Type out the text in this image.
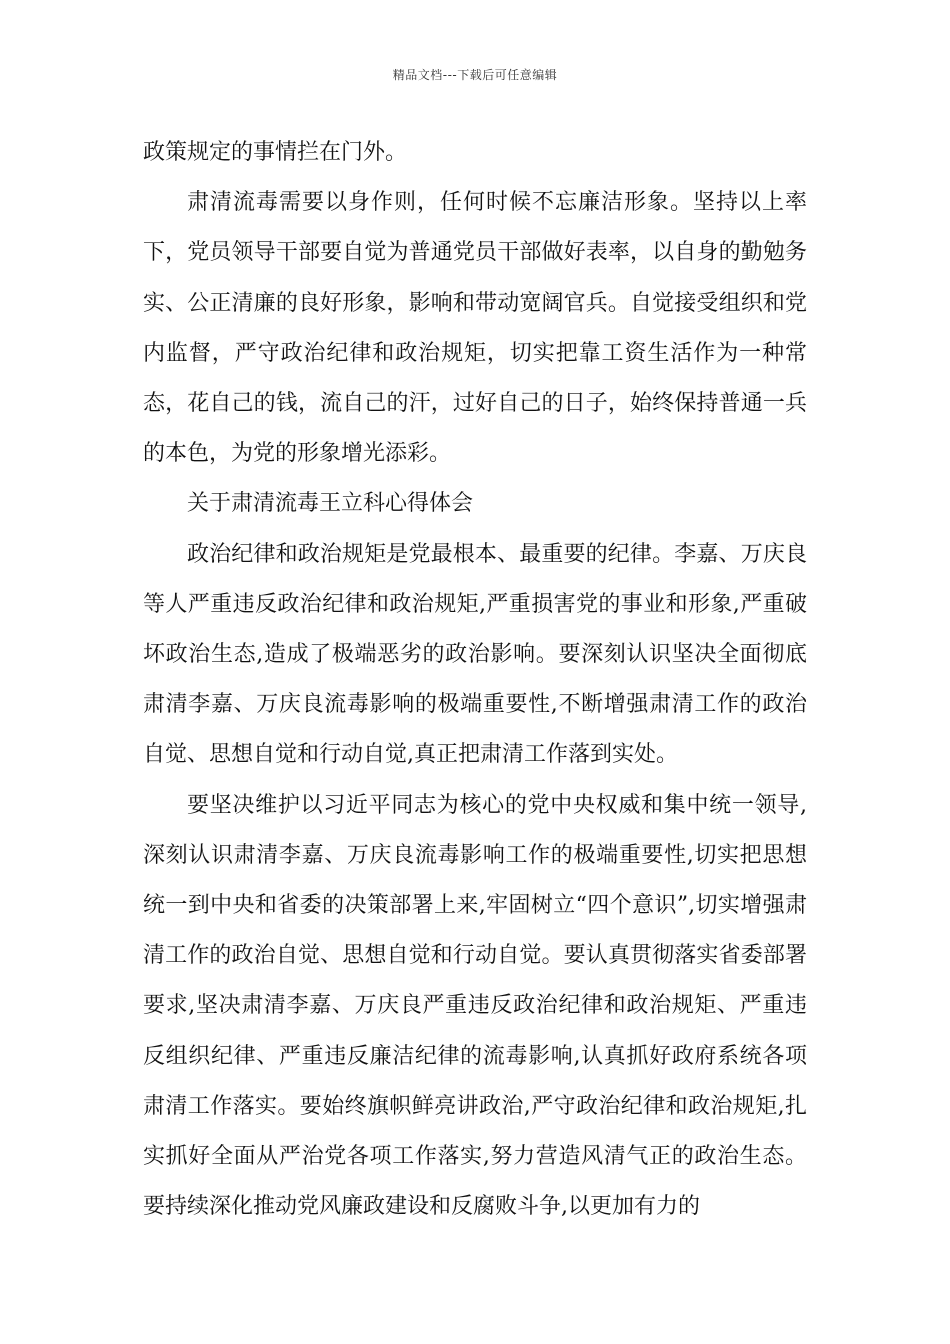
精品文档---下载后可任意编辑

政策规定的事情拦在门外。

肃清流毒需要以身作则，任何时候不忘廉洁形象。坚持以上率下，党员领导干部要自觉为普通党员干部做好表率，以自身的勤勉务实、公正清廉的良好形象，影响和带动宽阔官兵。自觉接受组织和党内监督，严守政治纪律和政治规矩，切实把靠工资生活作为一种常态，花自己的钱，流自己的汗，过好自己的日子，始终保持普通一兵的本色，为党的形象增光添彩。

关于肃清流毒王立科心得体会

政治纪律和政治规矩是党最根本、最重要的纪律。李嘉、万庆良等人严重违反政治纪律和政治规矩,严重损害党的事业和形象,严重破坏政治生态,造成了极端恶劣的政治影响。要深刻认识坚决全面彻底肃清李嘉、万庆良流毒影响的极端重要性,不断增强肃清工作的政治自觉、思想自觉和行动自觉,真正把肃清工作落到实处。

要坚决维护以习近平同志为核心的党中央权威和集中统一领导,深刻认识肃清李嘉、万庆良流毒影响工作的极端重要性,切实把思想统一到中央和省委的决策部署上来,牢固树立“四个意识”,切实增强肃清工作的政治自觉、思想自觉和行动自觉。要认真贯彻落实省委部署要求,坚决肃清李嘉、万庆良严重违反政治纪律和政治规矩、严重违反组织纪律、严重违反廉洁纪律的流毒影响,认真抓好政府系统各项肃清工作落实。要始终旗帜鲜亮讲政治,严守政治纪律和政治规矩,扎实抓好全面从严治党各项工作落实,努力营造风清气正的政治生态。要持续深化推动党风廉政建设和反腐败斗争,以更加有力的
